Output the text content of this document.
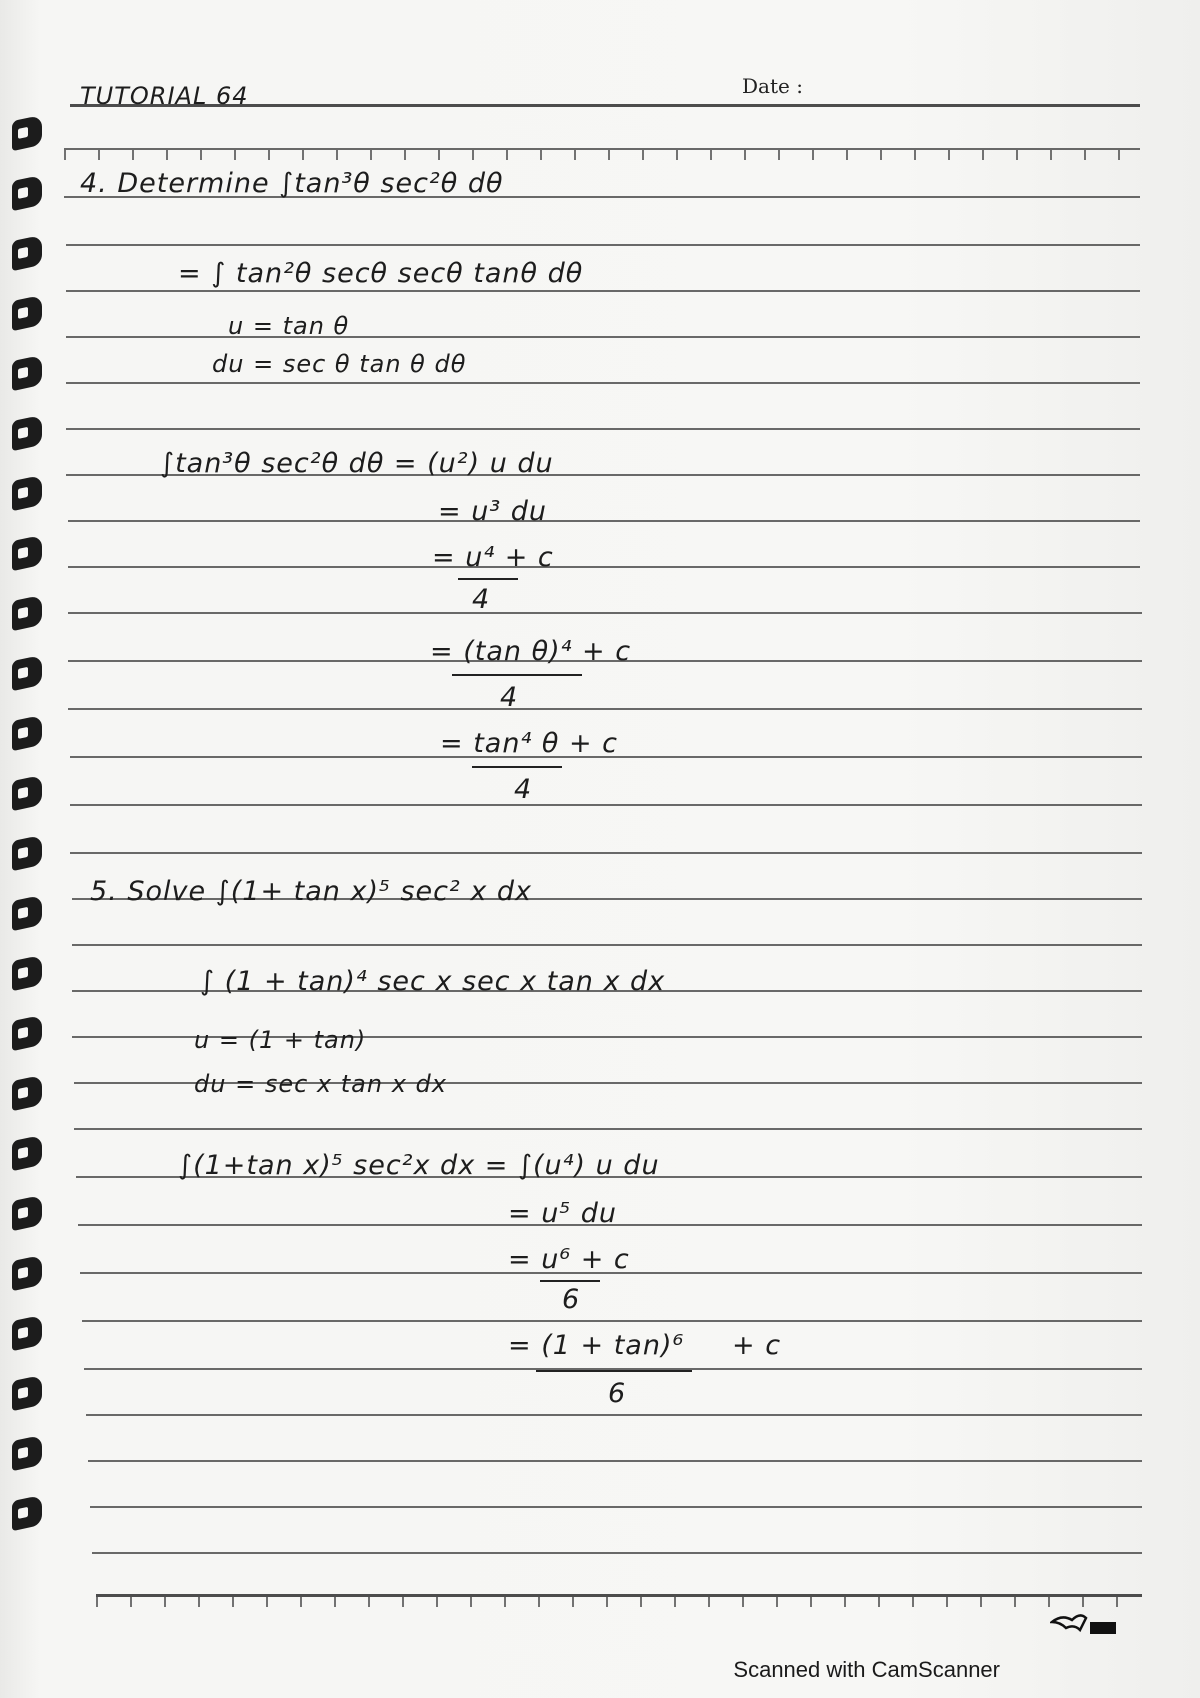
TUTORIAL 64	Date :
4. Determine ∫tan³θ sec²θ dθ
= ∫ tan²θ secθ secθ tanθ dθ
u = tan θ
du = sec θ tan θ dθ
∫tan³θ sec²θ dθ = (u²) u du
= u³ du
= u⁴ + c
4
= (tan θ)⁴ + c
4
= tan⁴ θ + c
4
5. Solve ∫(1+ tan x)⁵ sec² x dx
∫ (1 + tan)⁴ sec x sec x tan x dx
u = (1 + tan)
du = sec x tan x dx
∫(1+tan x)⁵ sec²x dx = ∫(u⁴) u du
= u⁵ du
= u⁶ + c
6
= (1 + tan)⁶ + c
6
Scanned with CamScanner
